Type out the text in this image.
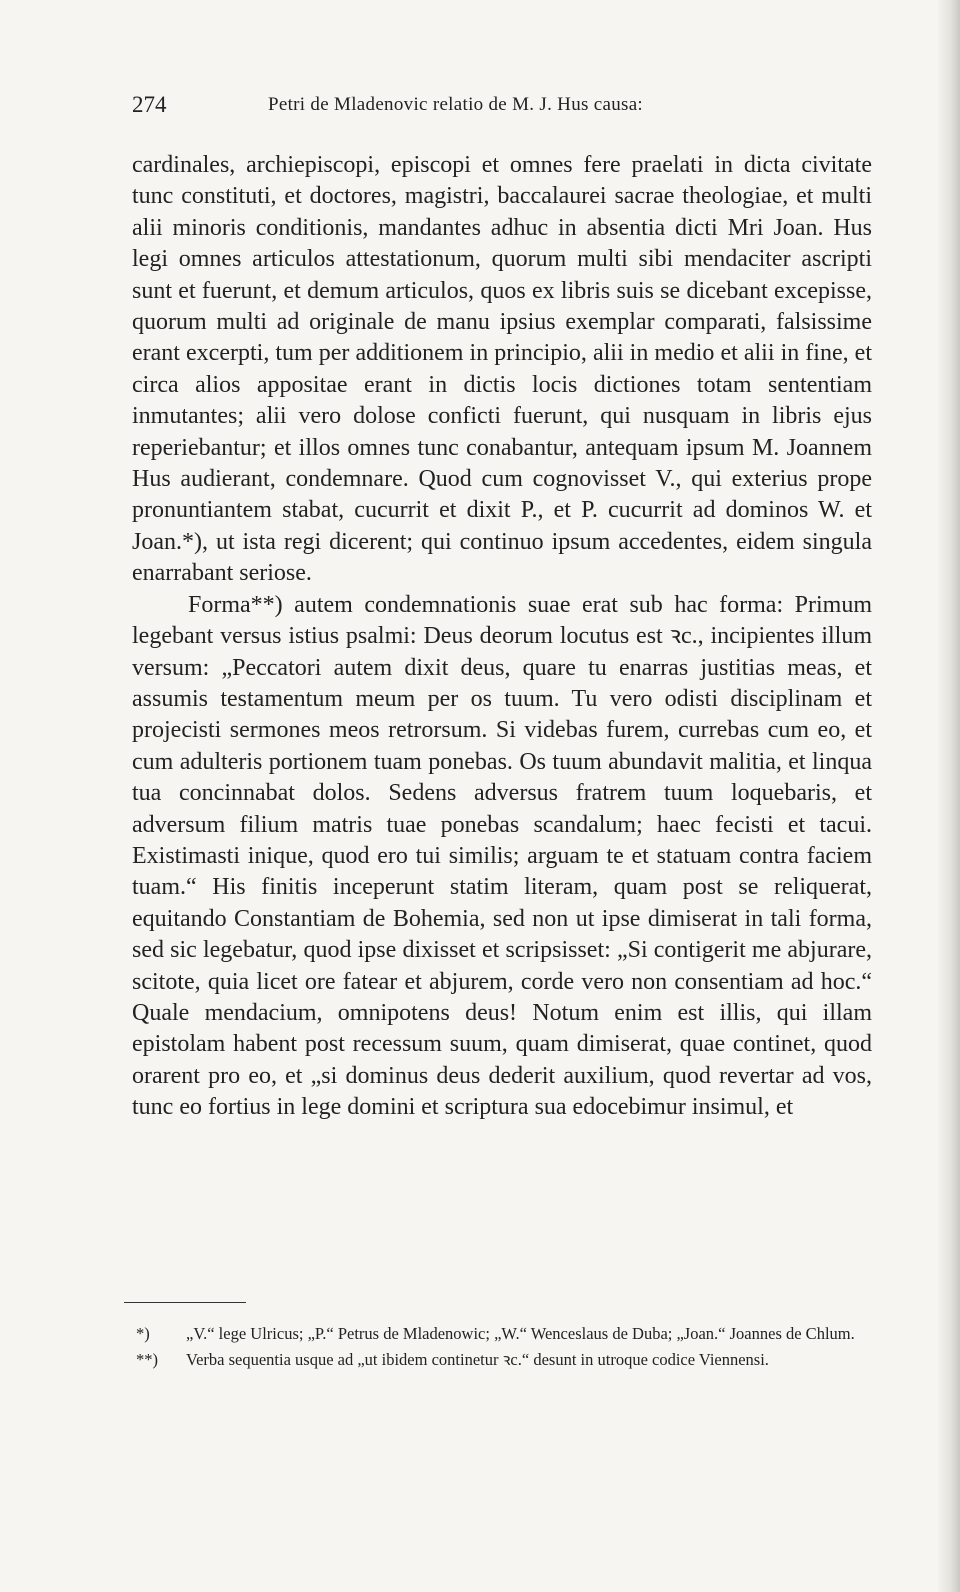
274	Petri de Mladenovic relatio de M. J. Hus causa:

cardinales, archiepiscopi, episcopi et omnes fere praelati in dicta civitate tunc constituti, et doctores, magistri, baccalaurei sacrae theologiae, et multi alii minoris conditionis, mandantes adhuc in absentia dicti Mri Joan. Hus legi omnes articulos attestationum, quorum multi sibi mendaciter ascripti sunt et fuerunt, et demum articulos, quos ex libris suis se dicebant excepisse, quorum multi ad originale de manu ipsius exemplar comparati, falsissime erant excerpti, tum per additionem in principio, alii in medio et alii in fine, et circa alios appositae erant in dictis locis dictiones totam sententiam inmutantes; alii vero dolose conficti fuerunt, qui nusquam in libris ejus reperiebantur; et illos omnes tunc conabantur, antequam ipsum M. Joannem Hus audierant, condemnare. Quod cum cognovisset V., qui exterius prope pronuntiantem stabat, cucurrit et dixit P., et P. cucurrit ad dominos W. et Joan.*), ut ista regi dicerent; qui continuo ipsum accedentes, eidem singula enarrabant seriose.

Forma**) autem condemnationis suae erat sub hac forma: Primum legebant versus istius psalmi: Deus deorum locutus est ꝛc., incipientes illum versum: „Peccatori autem dixit deus, quare tu enarras justitias meas, et assumis testamentum meum per os tuum. Tu vero odisti disciplinam et projecisti sermones meos retrorsum. Si videbas furem, currebas cum eo, et cum adulteris portionem tuam ponebas. Os tuum abundavit malitia, et linqua tua concinnabat dolos. Sedens adversus fratrem tuum loquebaris, et adversum filium matris tuae ponebas scandalum; haec fecisti et tacui. Existimasti inique, quod ero tui similis; arguam te et statuam contra faciem tuam.“ His finitis inceperunt statim literam, quam post se reliquerat, equitando Constantiam de Bohemia, sed non ut ipse dimiserat in tali forma, sed sic legebatur, quod ipse dixisset et scripsisset: „Si contigerit me abjurare, scitote, quia licet ore fatear et abjurem, corde vero non consentiam ad hoc.“ Quale mendacium, omnipotens deus! Notum enim est illis, qui illam epistolam habent post recessum suum, quam dimiserat, quae continet, quod orarent pro eo, et „si dominus deus dederit auxilium, quod revertar ad vos, tunc eo fortius in lege domini et scriptura sua edocebimur insimul, et

*) „V.“ lege Ulricus; „P.“ Petrus de Mladenowic; „W.“ Wenceslaus de Duba; „Joan.“ Joannes de Chlum.

**) Verba sequentia usque ad „ut ibidem continetur ꝛc.“ desunt in utroque codice Viennensi.
